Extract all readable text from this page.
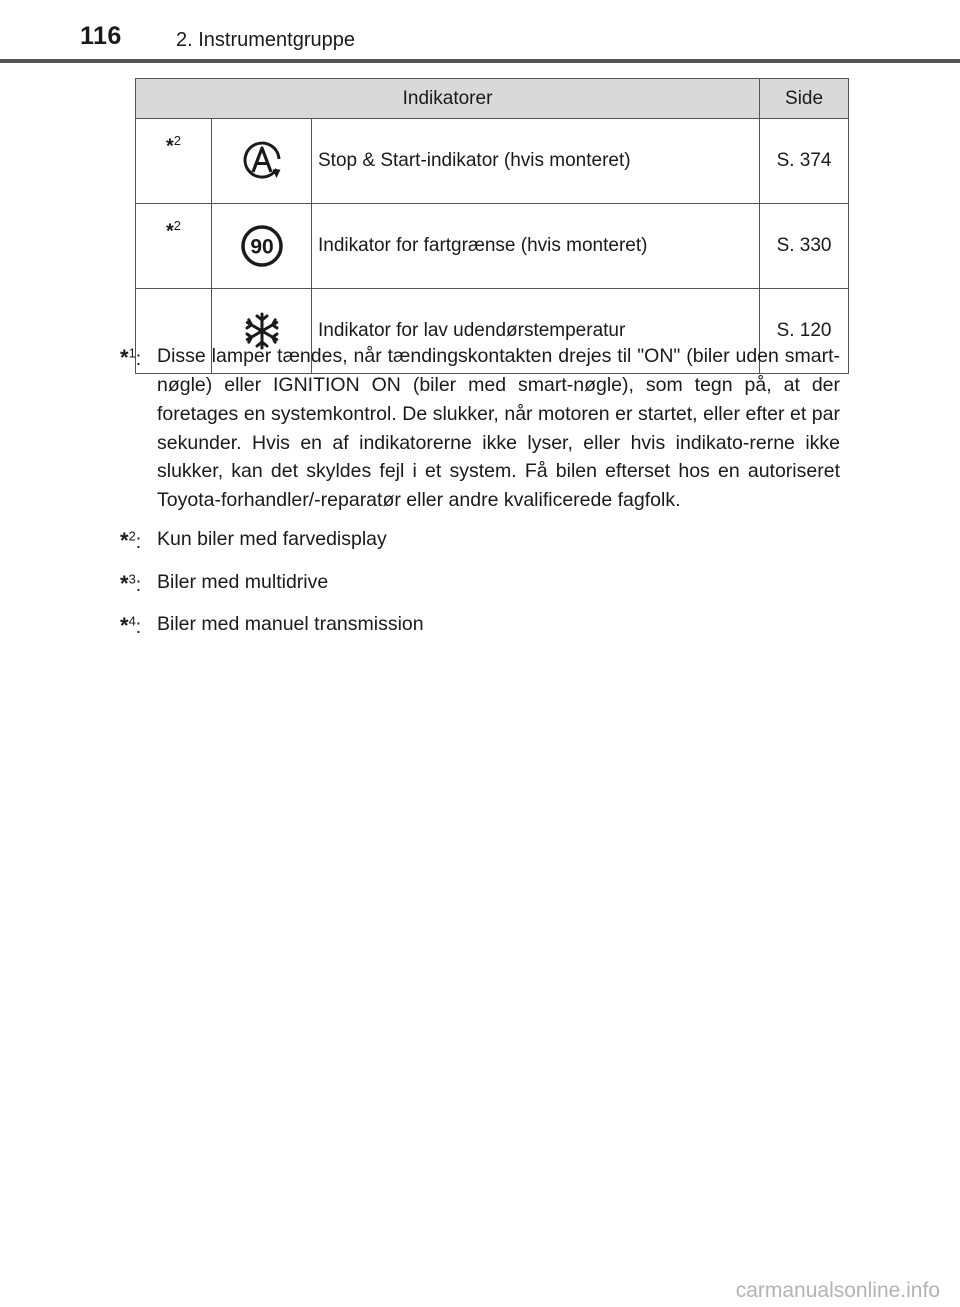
116	2. Instrumentgruppe
Indikatorer			Side
*$^2$		Stop & Start-indikator (hvis monteret)	S. 374
*$^2$	90	Indikator for fartgrænse (hvis monteret)	S. 330
		Indikator for lav udendørstemperatur	S. 120
*$^1$: Disse lamper tændes, når tændingskontakten drejes til "ON" (biler uden smart-nøgle) eller IGNITION ON (biler med smart-nøgle), som tegn på, at der foretages en systemkontrol. De slukker, når motoren er startet, eller efter et par sekunder. Hvis en af indikatorerne ikke lyser, eller hvis indikato-rerne ikke slukker, kan det skyldes fejl i et system. Få bilen efterset hos en autoriseret Toyota-forhandler/-reparatør eller andre kvalificerede fagfolk.
*$^2$: Kun biler med farvedisplay
*$^3$: Biler med multidrive
*$^4$: Biler med manuel transmission
carmanualsonline.info
